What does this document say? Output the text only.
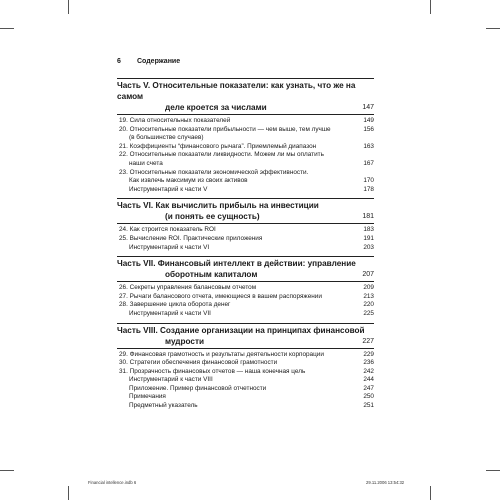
6 Содержание
Часть V. Относительные показатели: как узнать, что же на самом
деле кроется за числами	147
19. Сила относительных показателей	149
20. Относительные показатели прибыльности — чем выше, тем лучше	156
(в большинстве случаев)
21. Коэффициенты “финансового рычага”. Приемлемый диапазон	163
22. Относительные показатели ликвидности. Можем ли мы оплатить
наши счета	167
23. Относительные показатели экономической эффективности.
Как извлечь максимум из своих активов	170
Инструментарий к части V	178
Часть VI. Как вычислить прибыль на инвестиции
(и понять ее сущность)	181
24. Как строится показатель ROI	183
25. Вычисление ROI. Практические приложения	191
Инструментарий к части VI	203
Часть VII. Финансовый интеллект в действии: управление
оборотным капиталом	207
26. Секреты управления балансовым отчетом	209
27. Рычаги балансового отчета, имеющиеся в вашем распоряжении	213
28. Завершение цикла оборота денег	220
Инструментарий к части VII	225
Часть VIII. Создание организации на принципах финансовой
мудрости	227
29. Финансовая грамотность и результаты деятельности корпорации	229
30. Стратегии обеспечения финансовой грамотности	236
31. Прозрачность финансовых отчетов — наша конечная цель	242
Инструментарий к части VIII	244
Приложение. Пример финансовой отчетности	247
Примечания	250
Предметный указатель	251
Financial intellence.indb 6	29.11.2006 13:54:32
